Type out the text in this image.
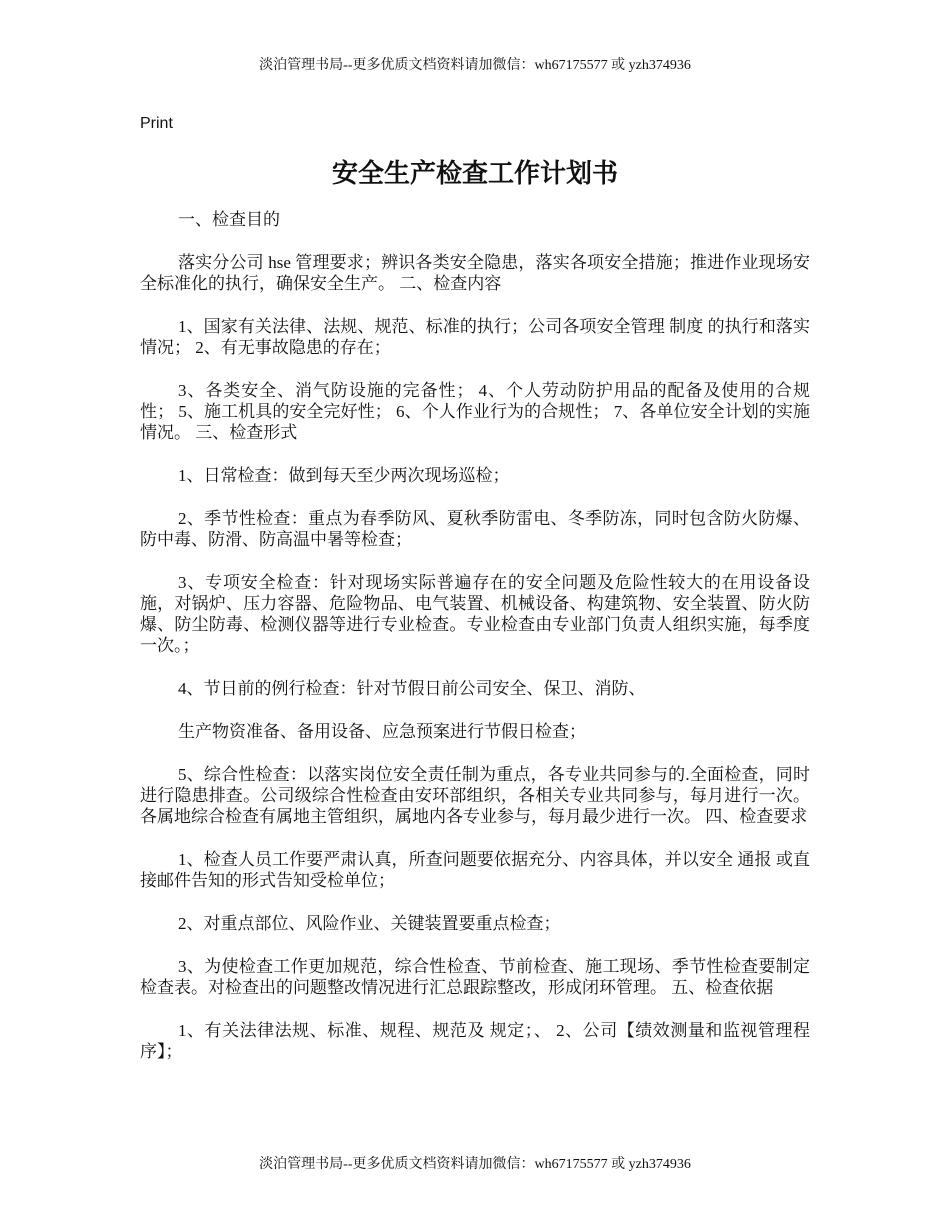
淡泊管理书局--更多优质文档资料请加微信：wh67175577 或 yzh374936
Print
安全生产检查工作计划书

一、检查目的

落实分公司 hse 管理要求；辨识各类安全隐患，落实各项安全措施；推进作业现场安全标准化的执行，确保安全生产。 二、检查内容

1、国家有关法律、法规、规范、标准的执行；公司各项安全管理 制度 的执行和落实情况； 2、有无事故隐患的存在；

3、各类安全、消气防设施的完备性； 4、个人劳动防护用品的配备及使用的合规性； 5、施工机具的安全完好性； 6、个人作业行为的合规性； 7、各单位安全计划的实施情况。 三、检查形式

1、日常检查：做到每天至少两次现场巡检；

2、季节性检查：重点为春季防风、夏秋季防雷电、冬季防冻，同时包含防火防爆、防中毒、防滑、防高温中暑等检查；

3、专项安全检查：针对现场实际普遍存在的安全问题及危险性较大的在用设备设施，对锅炉、压力容器、危险物品、电气装置、机械设备、构建筑物、安全装置、防火防爆、防尘防毒、检测仪器等进行专业检查。专业检查由专业部门负责人组织实施，每季度一次。；

4、节日前的例行检查：针对节假日前公司安全、保卫、消防、

生产物资准备、备用设备、应急预案进行节假日检查；

5、综合性检查：以落实岗位安全责任制为重点，各专业共同参与的.全面检查，同时进行隐患排查。公司级综合性检查由安环部组织，各相关专业共同参与，每月进行一次。各属地综合检查有属地主管组织，属地内各专业参与，每月最少进行一次。 四、检查要求

1、检查人员工作要严肃认真，所查问题要依据充分、内容具体，并以安全 通报 或直接邮件告知的形式告知受检单位；

2、对重点部位、风险作业、关键装置要重点检查；

3、为使检查工作更加规范，综合性检查、节前检查、施工现场、季节性检查要制定检查表。对检查出的问题整改情况进行汇总跟踪整改，形成闭环管理。 五、检查依据

1、有关法律法规、标准、规程、规范及 规定；、 2、公司【绩效测量和监视管理程序】；

淡泊管理书局--更多优质文档资料请加微信：wh67175577 或 yzh374936
